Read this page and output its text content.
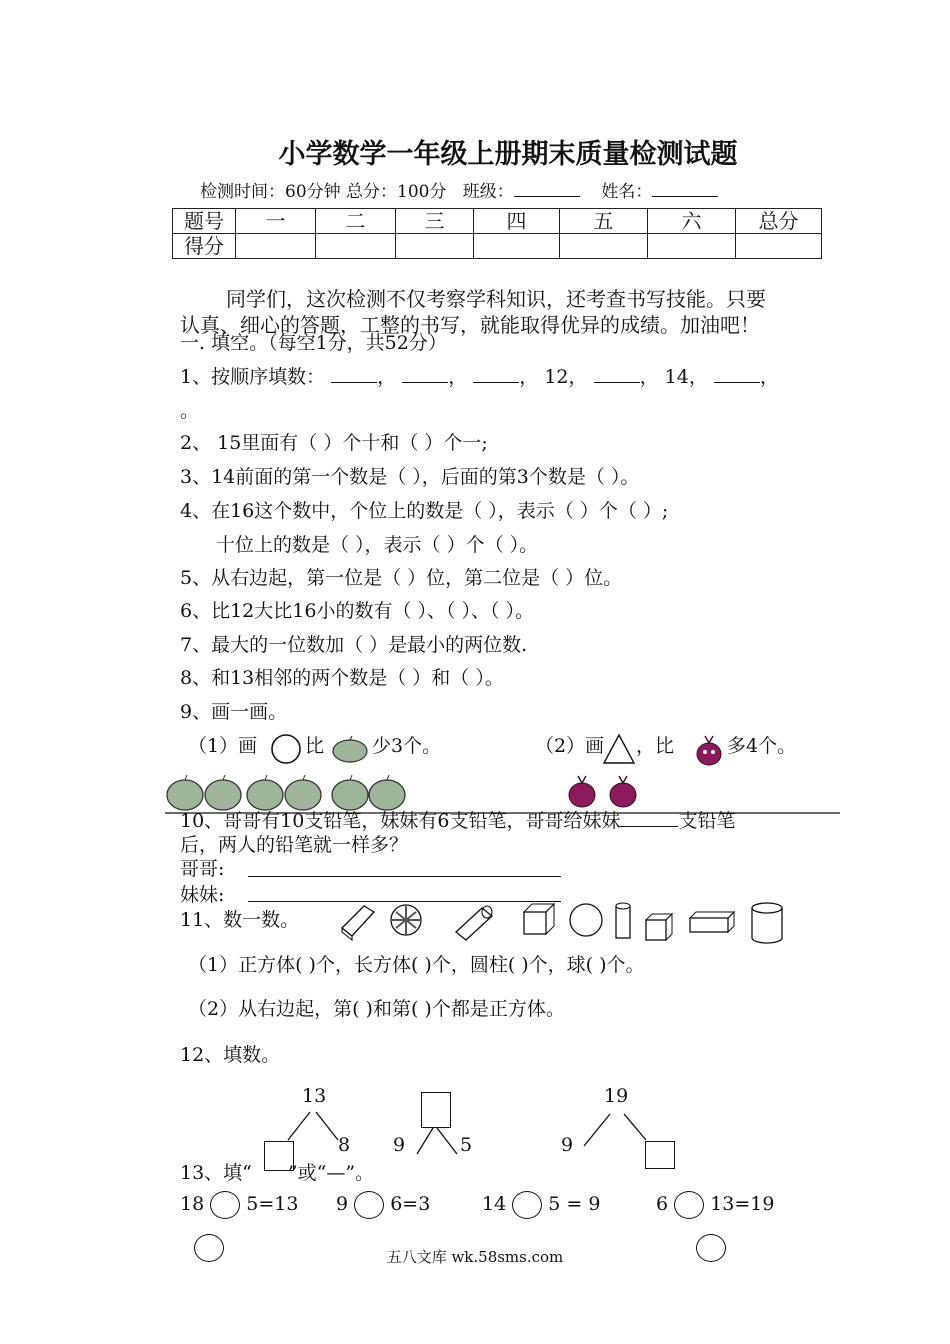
小学数学一年级上册期末质量检测试题
检测时间：60分钟 总分：100分 班级：	姓名：
题号	一	二	三	四	五	六	总分
得分							
同学们，这次检测不仅考察学科知识，还考查书写技能。只要
认真、细心的答题，工整的书写，就能取得优异的成绩。加油吧！
一. 填空。（每空1分，共52分）
1、按顺序填数：	，	，	， 12，	， 14，	，
。
2、 15里面有（ ）个十和（ ）个一;
3、14前面的第一个数是（ ），后面的第3个数是（ ）。
4、在16这个数中，个位上的数是（ ），表示（ ）个（ ）;
十位上的数是（ ），表示（ ）个（ ）。
5、从右边起，第一位是（ ）位，第二位是（ ）位。
6、比12大比16小的数有（ ）、（ ）、（ ）。
7、最大的一位数加（ ）是最小的两位数.
8、和13相邻的两个数是（ ）和（ ）。
9、画一画。
（1）画	比	少3个。	（2）画 ，比	多4个。
10、哥哥有10支铅笔，妹妹有6支铅笔，哥哥给妹妹	支铅笔
后，两人的铅笔就一样多？
哥哥:
妹妹:
11、数一数。
（1）正方体( )个，长方体( )个，圆柱( )个，球( )个。
（2）从右边起，第( )和第( )个都是正方体。
12、填数。
13
8 9	5
19
9
13、填“ ”或“—”。
18 5=13 9 6=3	14 5 = 9	6 13=19
五八文库 wk.58sms.com
